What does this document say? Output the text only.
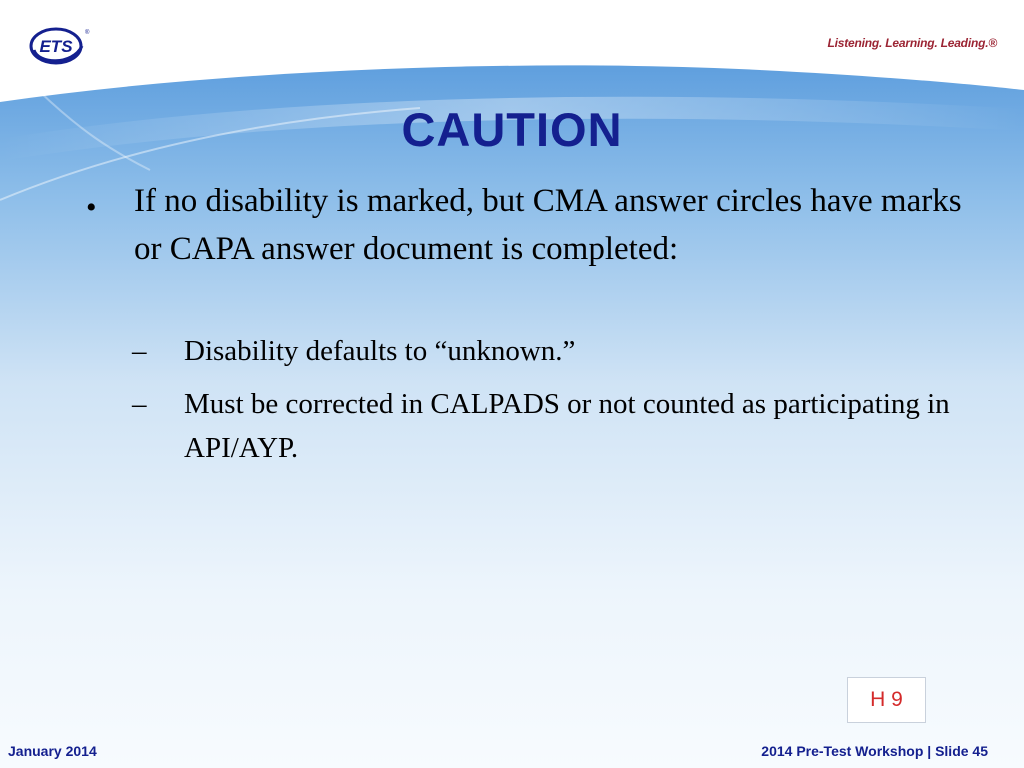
ETS
®
Listening. Learning. Leading.®
CAUTION
• If no disability is marked, but CMA answer circles have marks or CAPA answer document is completed:
– Disability defaults to “unknown.”
– Must be corrected in CALPADS or not counted as participating in API/AYP.
H 9
January 2014	2014 Pre-Test Workshop | Slide 45
